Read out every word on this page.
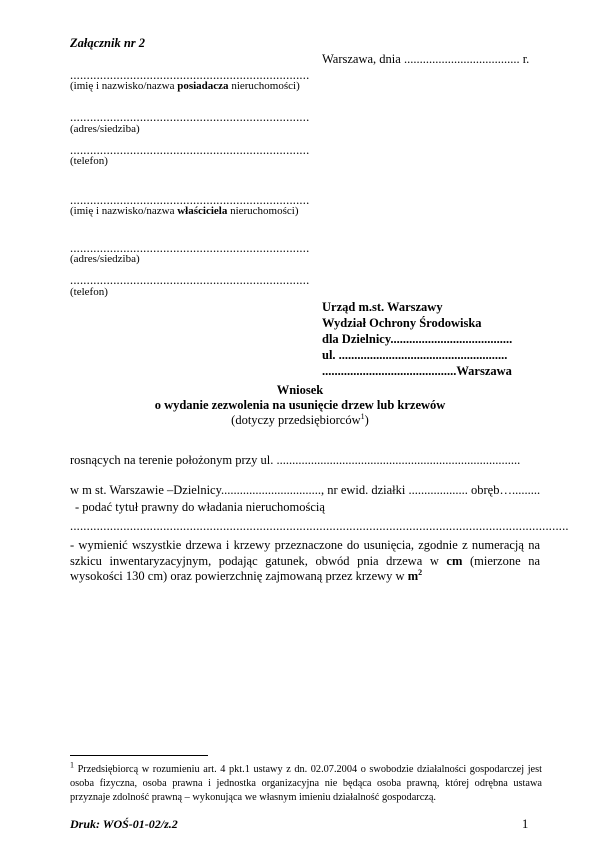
Załącznik nr 2
Warszawa, dnia ..................................... r.
........................................................................
(imię i nazwisko/nazwa posiadacza nieruchomości)
........................................................................
(adres/siedziba)
........................................................................
(telefon)
........................................................................
(imię i nazwisko/nazwa właściciela nieruchomości)
........................................................................
(adres/siedziba)
........................................................................
(telefon)
Urząd m.st. Warszawy
Wydział Ochrony Środowiska
dla Dzielnicy.......................................
ul. ......................................................
...........................................Warszawa
Wniosek
o wydanie zezwolenia na usunięcie drzew lub krzewów
(dotyczy przedsiębiorców$^1$)
rosnących na terenie położonym przy ul. ..............................................................................
w m st. Warszawie –Dzielnicy................................, nr ewid. działki ................... obręb….........
- podać tytuł prawny do władania nieruchomością
......................................................................................................................................................
- wymienić wszystkie drzewa i krzewy przeznaczone do usunięcia, zgodnie z numeracją na szkicu inwentaryzacyjnym, podając gatunek, obwód pnia drzewa w cm (mierzone na wysokości 130 cm) oraz powierzchnię zajmowaną przez krzewy w $m^2$
$^1$ Przedsiębiorcą w rozumieniu art. 4 pkt.1 ustawy z dn. 02.07.2004 o swobodzie działalności gospodarczej jest osoba fizyczna, osoba prawna i jednostka organizacyjna nie będąca osoba prawną, której odrębna ustawa przyznaje zdolność prawną – wykonująca we własnym imieniu działalność gospodarczą.
Druk: WOŚ-01-02/z.2	1
